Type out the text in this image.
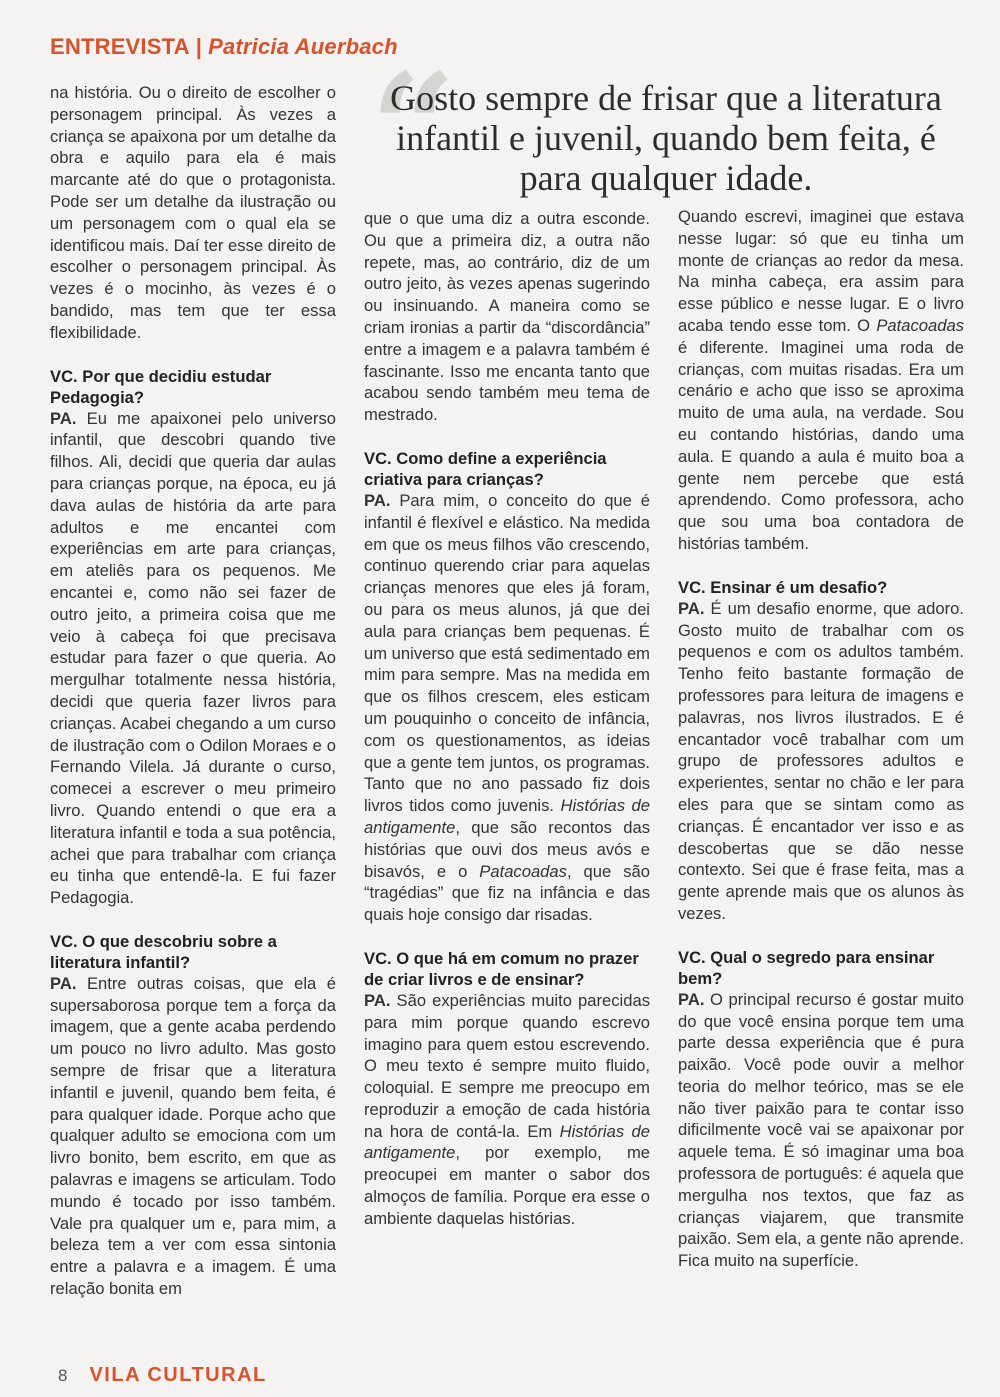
ENTREVISTA | Patricia Auerbach
“
Gosto sempre de frisar que a literatura infantil e juvenil, quando bem feita, é para qualquer idade.

na história. Ou o direito de escolher o personagem principal. Às vezes a criança se apaixona por um detalhe da obra e aquilo para ela é mais marcante até do que o protagonista. Pode ser um detalhe da ilustração ou um personagem com o qual ela se identificou mais. Daí ter esse direito de escolher o personagem principal. Às vezes é o mocinho, às vezes é o bandido, mas tem que ter essa flexibilidade.

VC. Por que decidiu estudar Pedagogia?

PA. Eu me apaixonei pelo universo infantil, que descobri quando tive filhos. Ali, decidi que queria dar aulas para crianças porque, na época, eu já dava aulas de história da arte para adultos e me encantei com experiências em arte para crianças, em ateliês para os pequenos. Me encantei e, como não sei fazer de outro jeito, a primeira coisa que me veio à cabeça foi que precisava estudar para fazer o que queria. Ao mergulhar totalmente nessa história, decidi que queria fazer livros para crianças. Acabei chegando a um curso de ilustração com o Odilon Moraes e o Fernando Vilela. Já durante o curso, comecei a escrever o meu primeiro livro. Quando entendi o que era a literatura infantil e toda a sua potência, achei que para trabalhar com criança eu tinha que entendê-la. E fui fazer Pedagogia.

VC. O que descobriu sobre a literatura infantil?

PA. Entre outras coisas, que ela é supersaborosa porque tem a força da imagem, que a gente acaba perdendo um pouco no livro adulto. Mas gosto sempre de frisar que a literatura infantil e juvenil, quando bem feita, é para qualquer idade. Porque acho que qualquer adulto se emociona com um livro bonito, bem escrito, em que as palavras e imagens se articulam. Todo mundo é tocado por isso também. Vale pra qualquer um e, para mim, a beleza tem a ver com essa sintonia entre a palavra e a imagem. É uma relação bonita em

que o que uma diz a outra esconde. Ou que a primeira diz, a outra não repete, mas, ao contrário, diz de um outro jeito, às vezes apenas sugerindo ou insinuando. A maneira como se criam ironias a partir da “discordância” entre a imagem e a palavra também é fascinante. Isso me encanta tanto que acabou sendo também meu tema de mestrado.

VC. Como define a experiência criativa para crianças?

PA. Para mim, o conceito do que é infantil é flexível e elástico. Na medida em que os meus filhos vão crescendo, continuo querendo criar para aquelas crianças menores que eles já foram, ou para os meus alunos, já que dei aula para crianças bem pequenas. É um universo que está sedimentado em mim para sempre. Mas na medida em que os filhos crescem, eles esticam um pouquinho o conceito de infância, com os questionamentos, as ideias que a gente tem juntos, os programas. Tanto que no ano passado fiz dois livros tidos como juvenis. Histórias de antigamente, que são recontos das histórias que ouvi dos meus avós e bisavós, e o Patacoadas, que são “tragédias” que fiz na infância e das quais hoje consigo dar risadas.

VC. O que há em comum no prazer de criar livros e de ensinar?

PA. São experiências muito parecidas para mim porque quando escrevo imagino para quem estou escrevendo. O meu texto é sempre muito fluido, coloquial. E sempre me preocupo em reproduzir a emoção de cada história na hora de contá-la. Em Histórias de antigamente, por exemplo, me preocupei em manter o sabor dos almoços de família. Porque era esse o ambiente daquelas histórias.

Quando escrevi, imaginei que estava nesse lugar: só que eu tinha um monte de crianças ao redor da mesa. Na minha cabeça, era assim para esse público e nesse lugar. E o livro acaba tendo esse tom. O Patacoadas é diferente. Imaginei uma roda de crianças, com muitas risadas. Era um cenário e acho que isso se aproxima muito de uma aula, na verdade. Sou eu contando histórias, dando uma aula. E quando a aula é muito boa a gente nem percebe que está aprendendo. Como professora, acho que sou uma boa contadora de histórias também.

VC. Ensinar é um desafio?

PA. É um desafio enorme, que adoro. Gosto muito de trabalhar com os pequenos e com os adultos também. Tenho feito bastante formação de professores para leitura de imagens e palavras, nos livros ilustrados. E é encantador você trabalhar com um grupo de professores adultos e experientes, sentar no chão e ler para eles para que se sintam como as crianças. É encantador ver isso e as descobertas que se dão nesse contexto. Sei que é frase feita, mas a gente aprende mais que os alunos às vezes.

VC. Qual o segredo para ensinar bem?

PA. O principal recurso é gostar muito do que você ensina porque tem uma parte dessa experiência que é pura paixão. Você pode ouvir a melhor teoria do melhor teórico, mas se ele não tiver paixão para te contar isso dificilmente você vai se apaixonar por aquele tema. É só imaginar uma boa professora de português: é aquela que mergulha nos textos, que faz as crianças viajarem, que transmite paixão. Sem ela, a gente não aprende. Fica muito na superfície.

8 VILA CULTURAL
